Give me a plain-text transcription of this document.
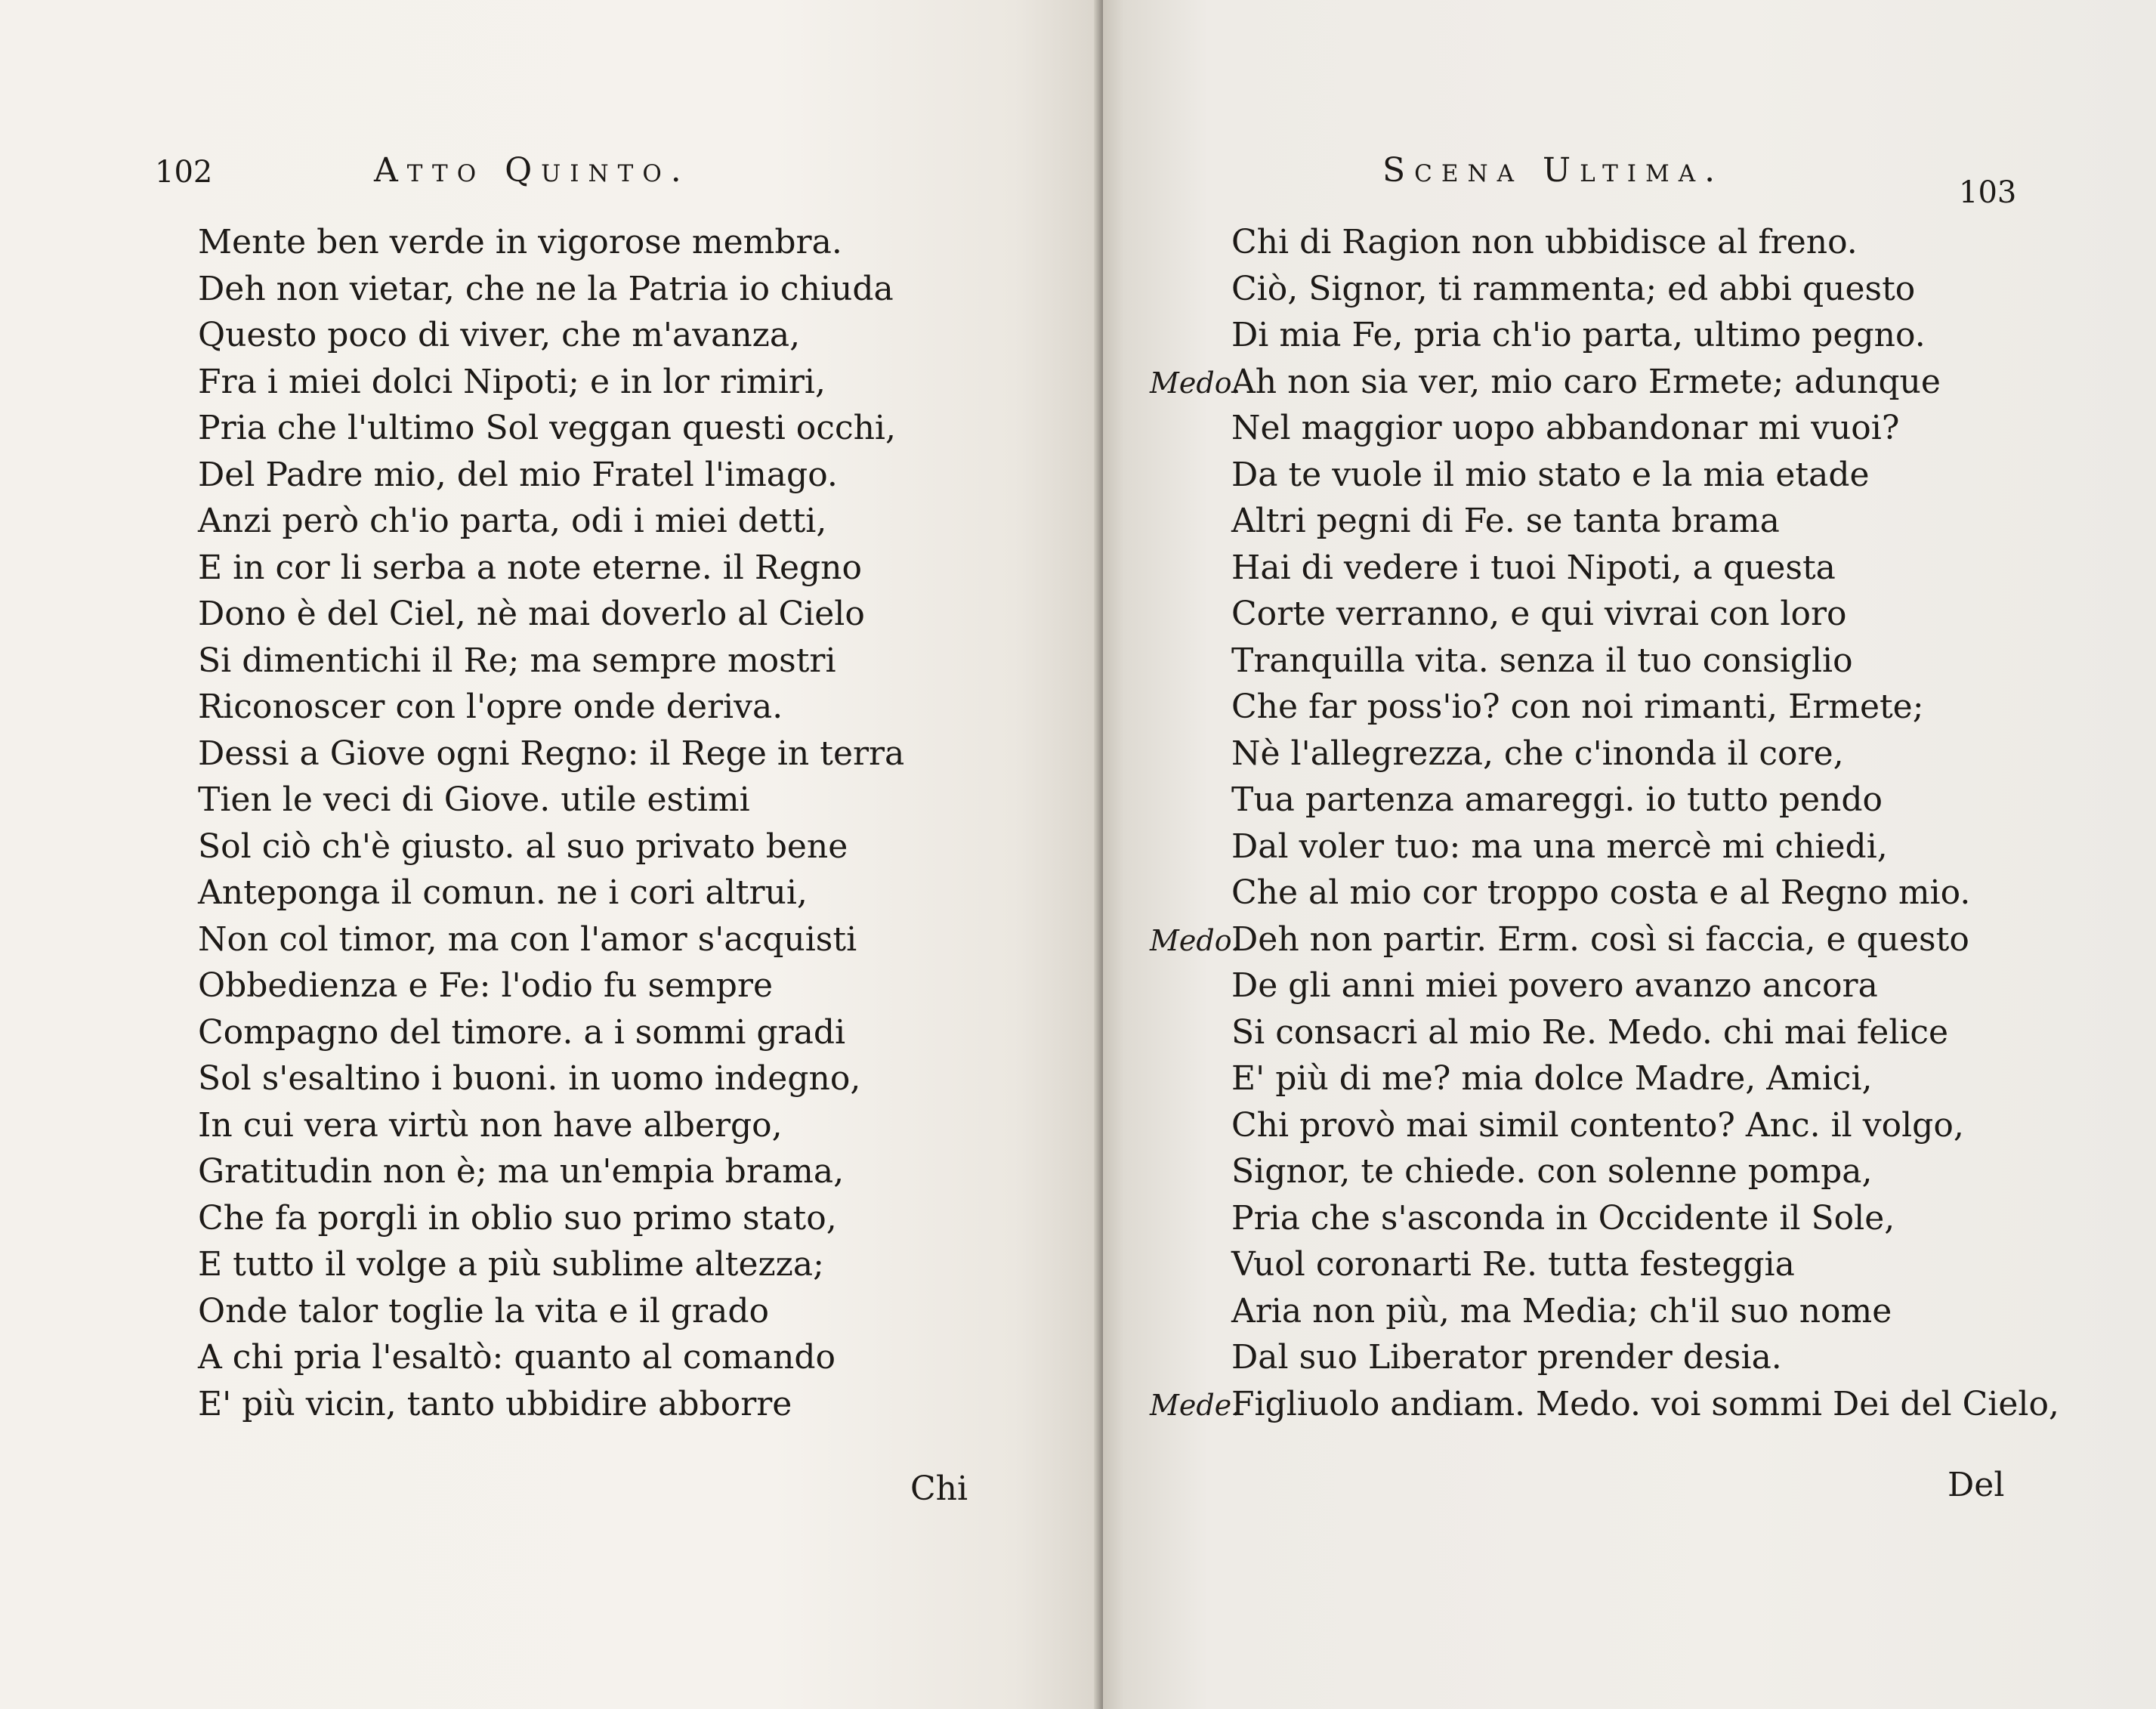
102	Atto Quinto.
Mente ben verde in vigorose membra.
Deh non vietar, che ne la Patria io chiuda
Questo poco di viver, che m'avanza,
Fra i miei dolci Nipoti; e in lor rimiri,
Pria che l'ultimo Sol veggan questi occhi,
Del Padre mio, del mio Fratel l'imago.
Anzi però ch'io parta, odi i miei detti,
E in cor li serba a note eterne. il Regno
Dono è del Ciel, nè mai doverlo al Cielo
Si dimentichi il Re; ma sempre mostri
Riconoscer con l'opre onde deriva.
Dessi a Giove ogni Regno: il Rege in terra
Tien le veci di Giove. utile estimi
Sol ciò ch'è giusto. al suo privato bene
Anteponga il comun. ne i cori altrui,
Non col timor, ma con l'amor s'acquisti
Obbedienza e Fe: l'odio fu sempre
Compagno del timore. a i sommi gradi
Sol s'esaltino i buoni. in uomo indegno,
In cui vera virtù non have albergo,
Gratitudin non è; ma un'empia brama,
Che fa porgli in oblio suo primo stato,
E tutto il volge a più sublime altezza;
Onde talor toglie la vita e il grado
A chi pria l'esaltò: quanto al comando
E' più vicin, tanto ubbidire abborre
Chi
Scena Ultima.
103
Chi di Ragion non ubbidisce al freno.
Ciò, Signor, ti rammenta; ed abbi questo
Di mia Fe, pria ch'io parta, ultimo pegno.
Medo.Ah non sia ver, mio caro Ermete; adunque
Nel maggior uopo abbandonar mi vuoi?
Da te vuole il mio stato e la mia etade
Altri pegni di Fe. se tanta brama
Hai di vedere i tuoi Nipoti, a questa
Corte verranno, e qui vivrai con loro
Tranquilla vita. senza il tuo consiglio
Che far poss'io? con noi rimanti, Ermete;
Nè l'allegrezza, che c'inonda il core,
Tua partenza amareggi. io tutto pendo
Dal voler tuo: ma una mercè mi chiedi,
Che al mio cor troppo costa e al Regno mio.
Medo.Deh non partir. Erm. così si faccia, e questo
De gli anni miei povero avanzo ancora
Si consacri al mio Re. Medo. chi mai felice
E' più di me? mia dolce Madre, Amici,
Chi provò mai simil contento? Anc. il volgo,
Signor, te chiede. con solenne pompa,
Pria che s'asconda in Occidente il Sole,
Vuol coronarti Re. tutta festeggia
Aria non più, ma Media; ch'il suo nome
Dal suo Liberator prender desia.
Mede.Figliuolo andiam. Medo. voi sommi Dei del Cielo,
Del
